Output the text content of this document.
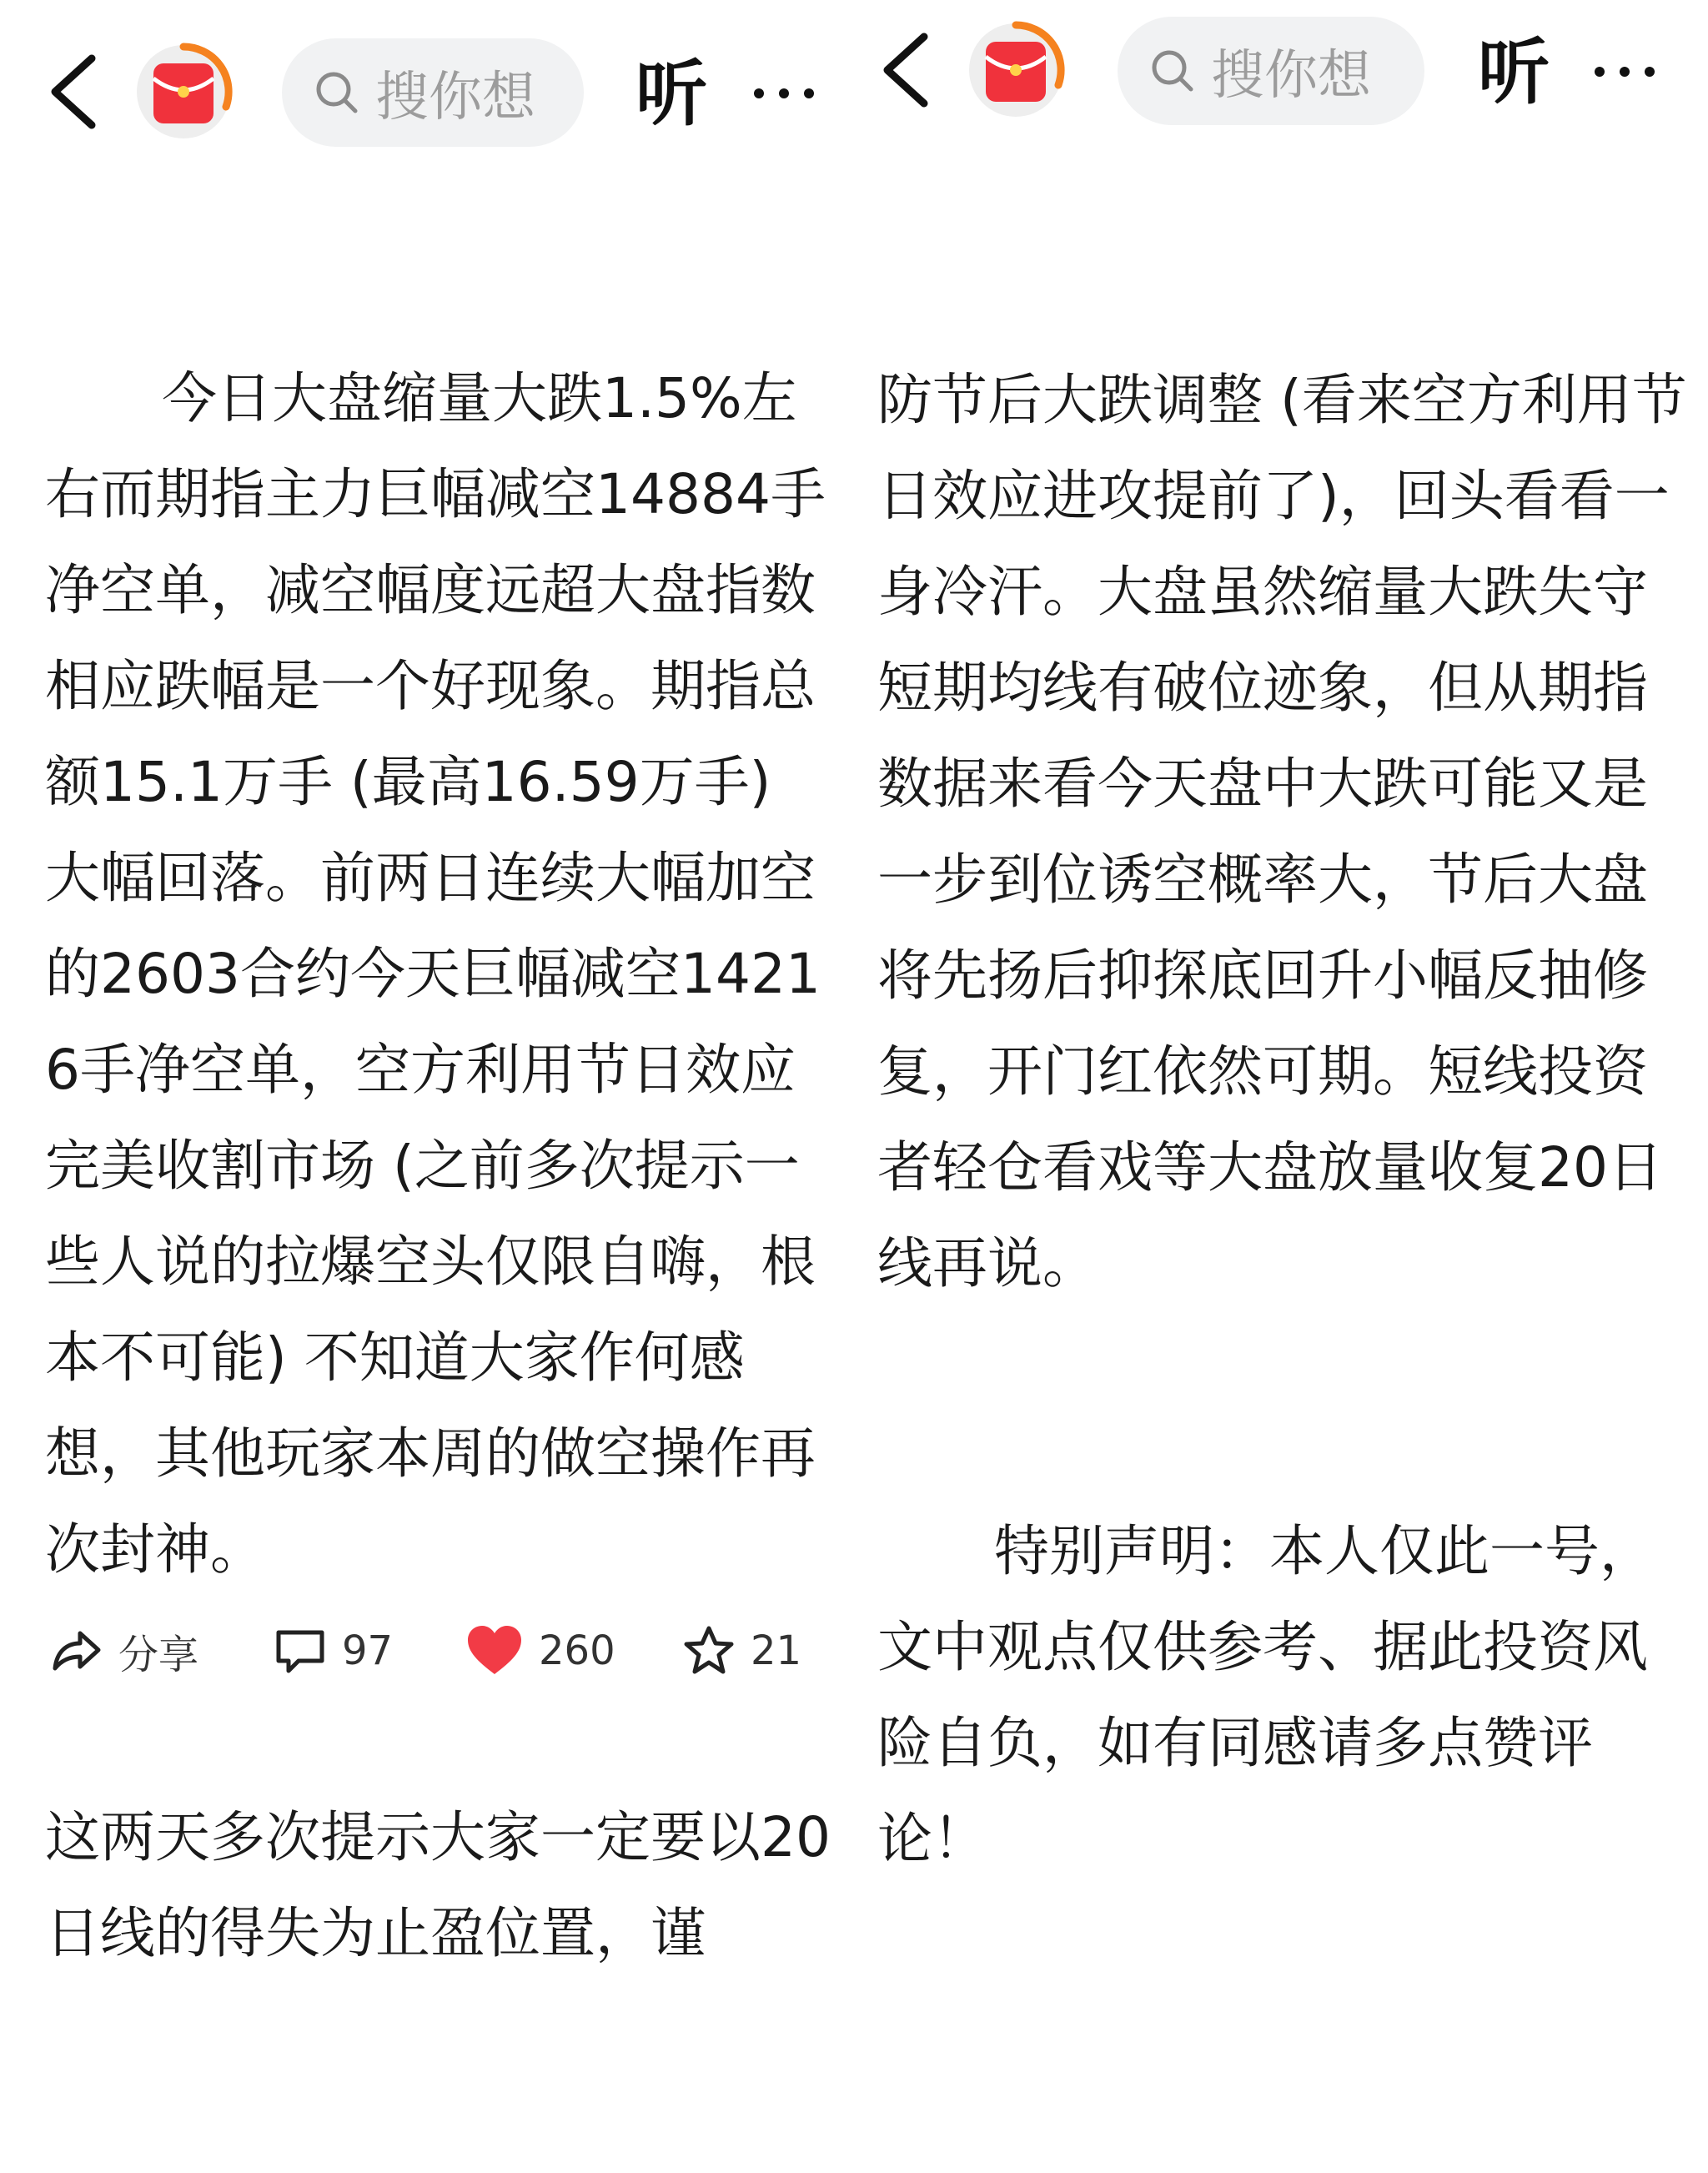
搜你想 听

今日大盘缩量大跌1.5%左右而期指主力巨幅减空14884手净空单，减空幅度远超大盘指数相应跌幅是一个好现象。期指总额15.1万手 (最高16.59万手) 大幅回落。前两日连续大幅加空的2603合约今天巨幅减空14216手净空单，空方利用节日效应完美收割市场 (之前多次提示一些人说的拉爆空头仅限自嗨，根本不可能) 不知道大家作何感想，其他玩家本周的做空操作再次封神。

这两天多次提示大家一定要以20日线的得失为止盈位置，谨

分享	97	260	21
搜你想 听

防节后大跌调整 (看来空方利用节日效应进攻提前了)，回头看看一身冷汗。大盘虽然缩量大跌失守短期均线有破位迹象，但从期指数据来看今天盘中大跌可能又是一步到位诱空概率大，节后大盘将先扬后抑探底回升小幅反抽修复，开门红依然可期。短线投资者轻仓看戏等大盘放量收复20日线再说。

特别声明：本人仅此一号，文中观点仅供参考、据此投资风险自负，如有同感请多点赞评论！
